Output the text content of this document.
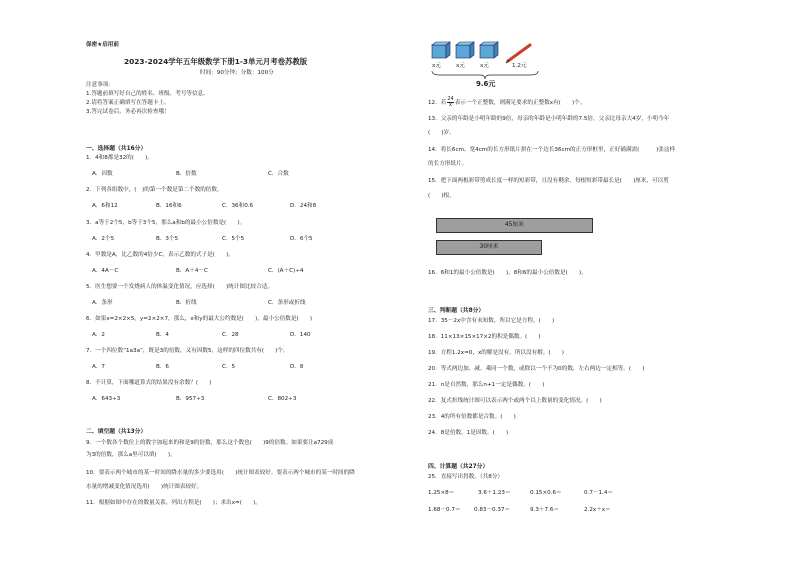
保密★启用前
2023-2024学年五年级数学下册1-3单元月考卷苏教版
时间：90分钟；分数：100分
注意事项：
1.答题前填写好自己的姓名、班级、考号等信息。
2.请将答案正确填写在答题卡上。
3.答完试卷后，务必再次检查哦！
一、选择题（共16分）
1．4和8都是32的(　　)。
A．因数	B．倍数	C．合数
2．下列各组数中，(　)的第一个数是第二个数的倍数。
A．6和12	B．16和6	C．36和0.6	D．24和8
3．a等于2个5，b等于3个5，那么a和b的最小公倍数是(　　)。
A．2个5	B．3个5	C．5个5	D．6个5
4．甲数是A，比乙数的4倍少C，表示乙数的式子是(　　)。
A．4A－C	B．A＋4－C	C．(A＋C)÷4
5．医生想要一个发烧病人的体温变化情况，应选择(　　)统计图比较合适。
A．条形	B．折线	C．条形或折线
6．如果x=2×2×5，y=2×2×7，那么，x和y的最大公约数是(　　)，最小公倍数是(　　)
A．2	B．4	C．28	D．140
7．一个四位数“1a3a”，既是3的倍数，又有因数5，这样的四位数共有(　　)个。
A．7	B．6	C．5	D．8
8．不计算，下面哪道算式的结果没有余数？(　　)
A．643÷3	B．957÷3	C．802÷3
二、填空题（共13分）
9．一个数各个数位上的数字加起来的和是9的倍数，那么这个数也(　　)9的倍数。如果要让a729成
为3的倍数，那么a里可以填(　　)。
10．要表示两个城市的某一时间的降水量的多少要选用(　　)统计图表较好。要表示两个城市的某一时间的降
水量的增减变化情况选用(　　)统计图表较好。
11．根据如图中存在的数量关系，列出方程是(　　)；求出x=(　　)。
x元	x元	x元	1.2元
9.6元
12．若 $\frac{24}{x}$ 表示一个正整数，则满足要求的正整数x有(　　)个。
13．父亲的年龄是小明年龄的9倍，母亲的年龄是小明年龄的7.5倍，父亲比母亲大4岁，小明今年
(　　)岁。
14．将长6cm、宽4cm的长方形纸片拼在一个边长36cm的正方形框里，正好铺满需(　　　)张这样
的长方形纸片。
15．把下面两根彩带剪成长度一样的短彩带，且没有剩余，每根短彩带最长是(　　)厘米，可以剪
(　　)根。
45厘米
30厘米
16．6和1的最小公倍数是(　　)，8和6的最小公倍数是(　　)。
三、判断题（共8分）
17．35－2x中含有未知数，所以它是方程。(　　)
18．11×13×15×17×2的积是偶数。(　　)
19．方程1.2x=0，x的解是没有，所以没有解。(　　)
20．等式两边加、减、乘同一个数，或除以一个不为0的数，左右两边一定相等。(　　)
21．n是自然数，那么n+1一定是偶数。(　　)
22．复式折线统计图可以表示两个或两个以上数量的变化情况。(　　)
23．4的所有倍数都是合数。(　　)
24．8是倍数，1是因数。(　　)
四、计算题（共27分）
25．直接写出得数。（共8分）
1.25×8＝	3.6＋1.23＝	0.15×0.6＝	0.7－1.4＝
1.68－0.7＝ 0.83－0.37＝	9.3＋7.6＝	2.2x＋x＝
